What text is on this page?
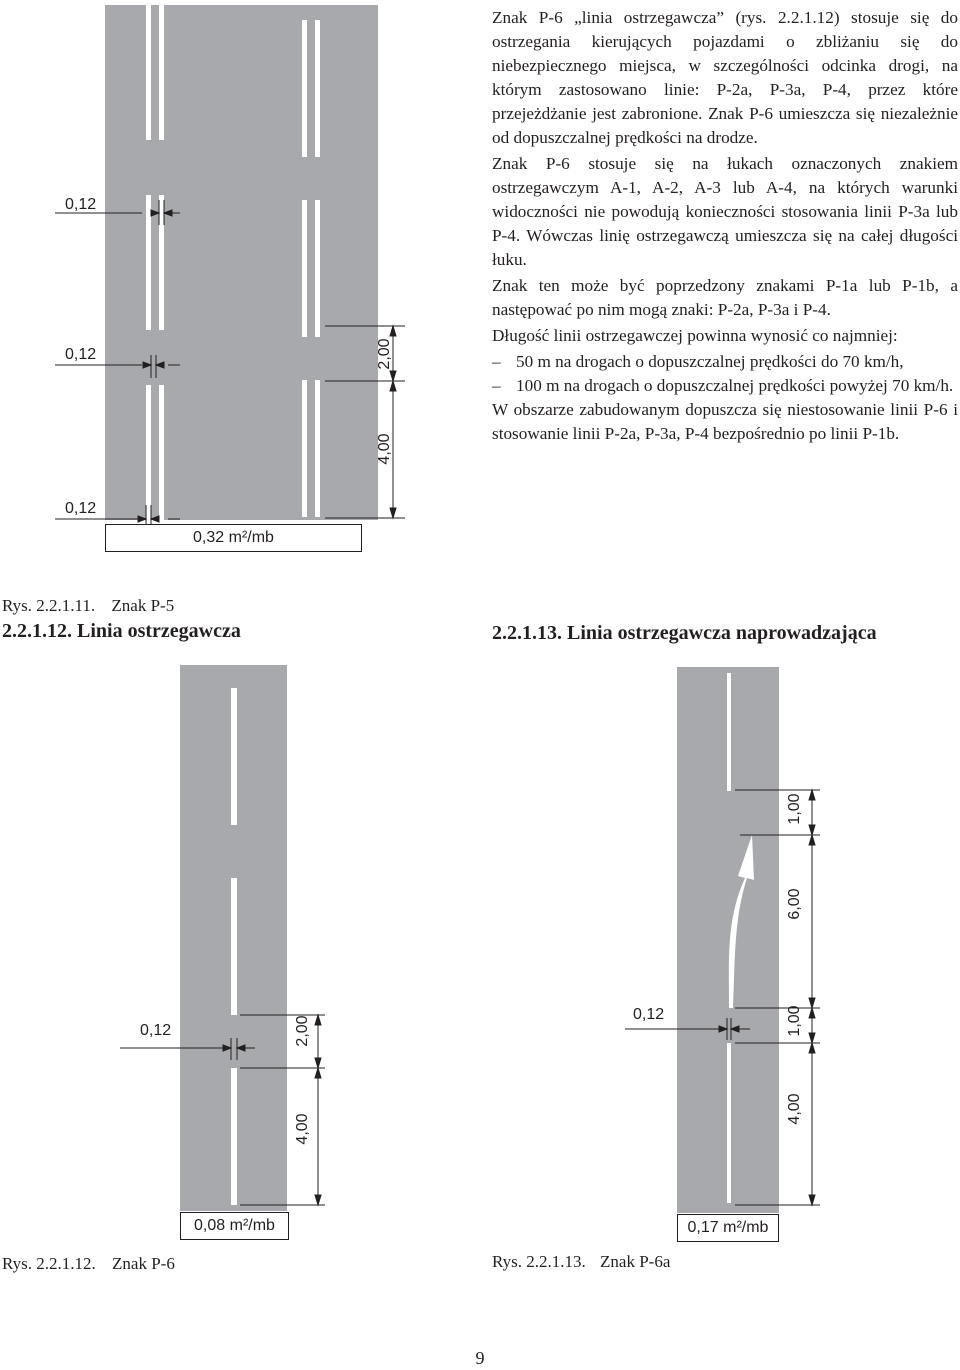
0,12
0,12
0,12
2,00
4,00
0,32 m²/mb
Rys. 2.2.1.11. Znak P-5

Znak P-6 „linia ostrzegawcza” (rys. 2.2.1.12) stosuje się do ostrzegania kierujących pojazdami o zbliżaniu się do niebezpiecznego miejsca, w szczególności odcinka drogi, na którym zastosowano linie: P-2a, P-3a, P-4, przez które przejeżdżanie jest zabronione. Znak P-6 umieszcza się niezależnie od dopuszczalnej prędkości na drodze.

Znak P-6 stosuje się na łukach oznaczonych znakiem ostrzegawczym A-1, A-2, A-3 lub A-4, na których warunki widoczności nie powodują konieczności stosowania linii P-3a lub P-4. Wówczas linię ostrzegawczą umieszcza się na całej długości łuku.

Znak ten może być poprzedzony znakami P-1a lub P-1b, a następować po nim mogą znaki: P-2a, P-3a i P-4.

Długość linii ostrzegawczej powinna wynosić co najmniej:

– 50 m na drogach o dopuszczalnej prędkości do 70 km/h,
– 100 m na drogach o dopuszczalnej prędkości powyżej 70 km/h.

W obszarze zabudowanym dopuszcza się niestosowanie linii P-6 i stosowanie linii P-2a, P-3a, P-4 bezpośrednio po linii P-1b.

2.2.1.12. Linia ostrzegawcza	2.2.1.13. Linia ostrzegawcza naprowadzająca
0,12	2,00
4,00
0,08 m²/mb
Rys. 2.2.1.12. Znak P-6
0,12
1,00
6,00
1,00
4,00
0,17 m²/mb
Rys. 2.2.1.13. Znak P-6a
9
